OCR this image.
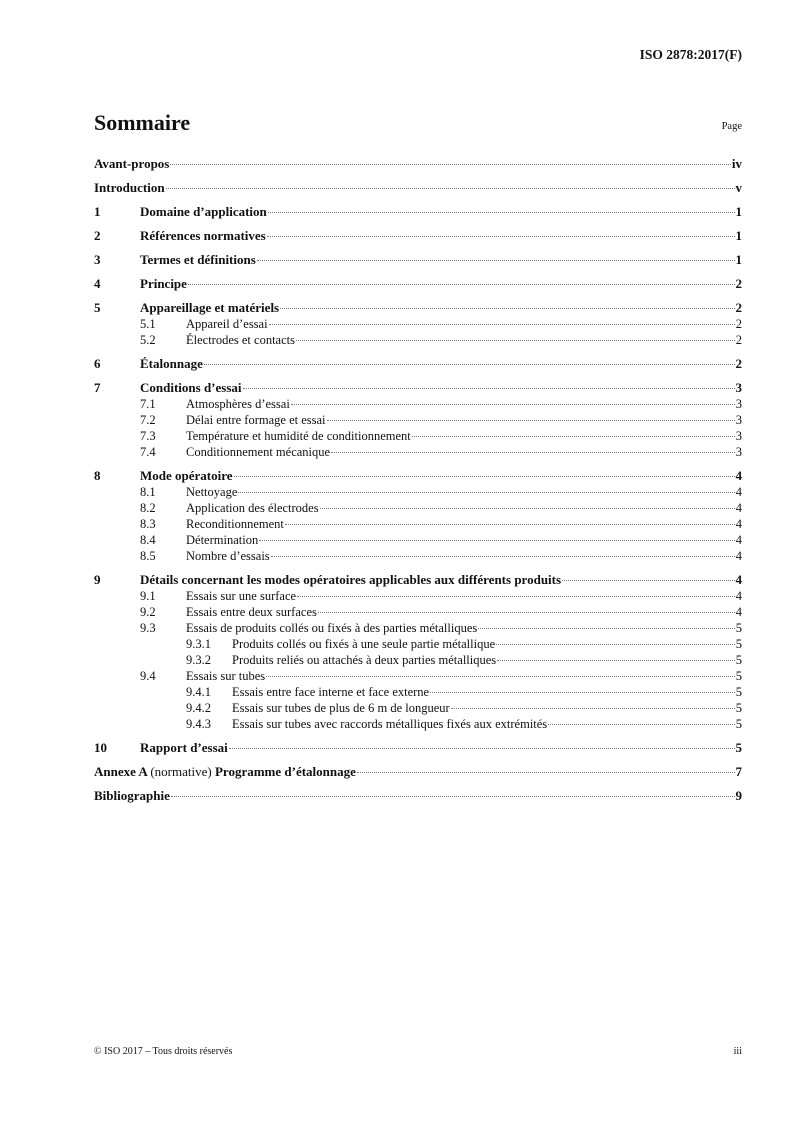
ISO 2878:2017(F)
Sommaire	Page
Avant-propos	iv
Introduction	v
1	Domaine d’application	1
2	Références normatives	1
3	Termes et définitions	1
4	Principe	2
5	Appareillage et matériels	2
5.1	Appareil d’essai	2
5.2	Électrodes et contacts	2
6	Étalonnage	2
7	Conditions d’essai	3
7.1	Atmosphères d’essai	3
7.2	Délai entre formage et essai	3
7.3	Température et humidité de conditionnement	3
7.4	Conditionnement mécanique	3
8	Mode opératoire	4
8.1	Nettoyage	4
8.2	Application des électrodes	4
8.3	Reconditionnement	4
8.4	Détermination	4
8.5	Nombre d’essais	4
9	Détails concernant les modes opératoires applicables aux différents produits	4
9.1	Essais sur une surface	4
9.2	Essais entre deux surfaces	4
9.3	Essais de produits collés ou fixés à des parties métalliques	5
9.3.1	Produits collés ou fixés à une seule partie métallique	5
9.3.2	Produits reliés ou attachés à deux parties métalliques	5
9.4	Essais sur tubes	5
9.4.1	Essais entre face interne et face externe	5
9.4.2	Essais sur tubes de plus de 6 m de longueur	5
9.4.3	Essais sur tubes avec raccords métalliques fixés aux extrémités	5
10	Rapport d’essai	5
Annexe A (normative) Programme d’étalonnage	7
Bibliographie	9
© ISO 2017 – Tous droits réservés	iii
